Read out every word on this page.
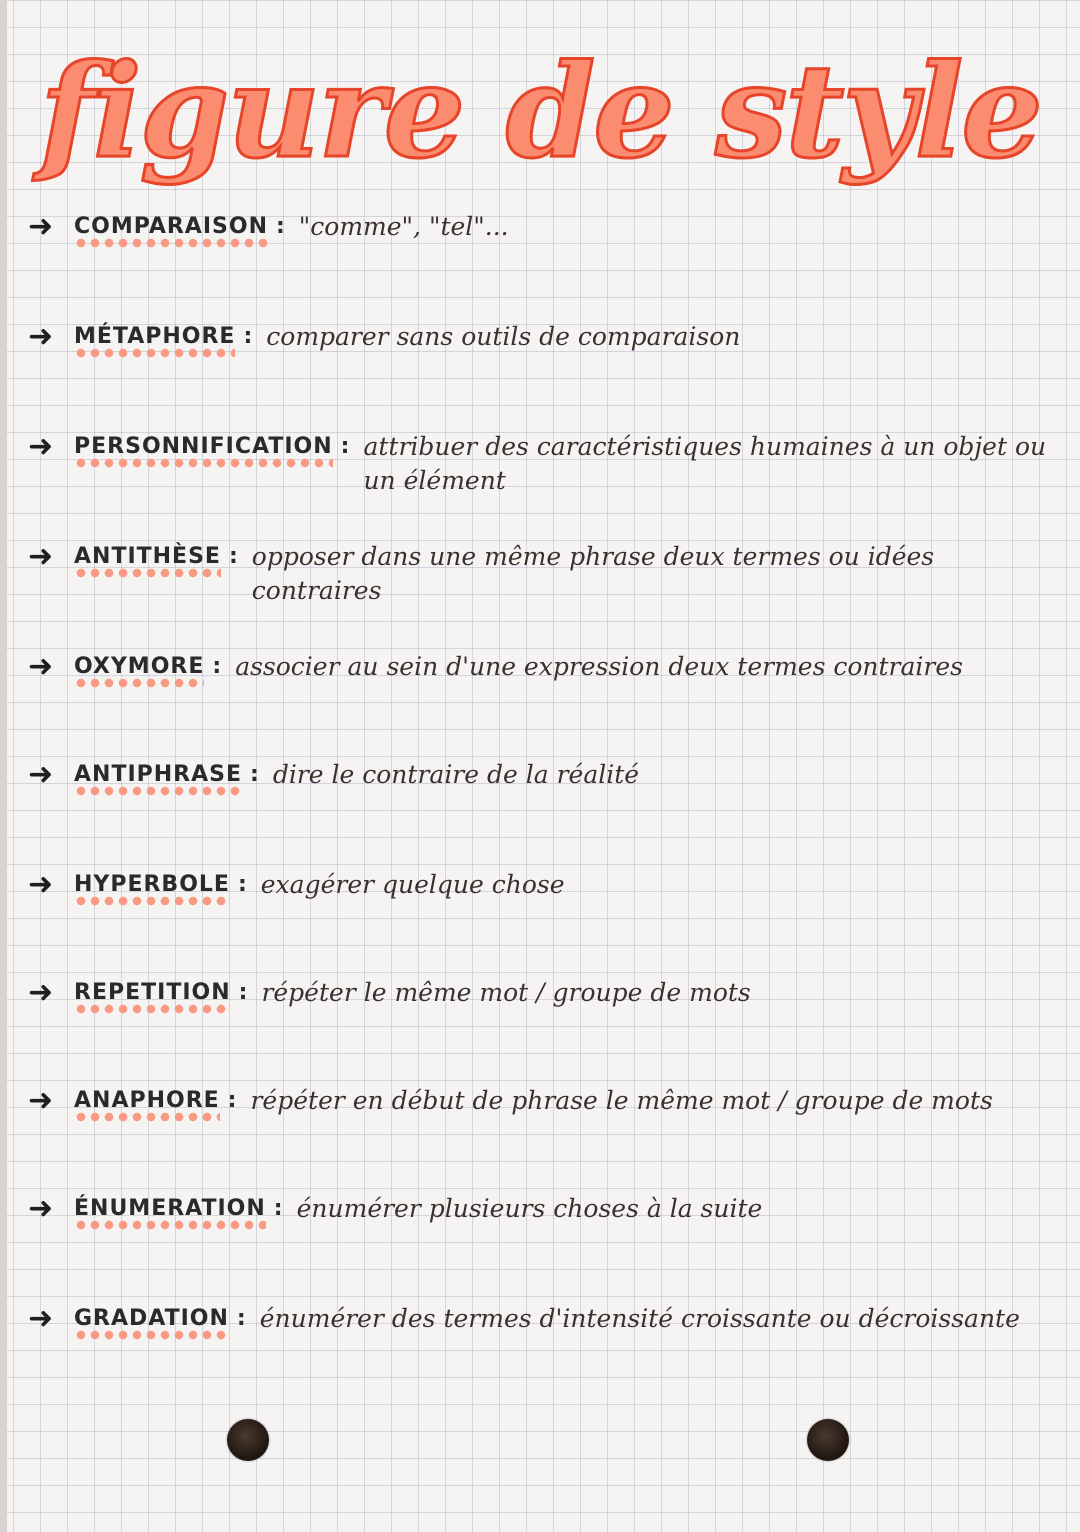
figure de style
➜ COMPARAISON : "comme", "tel"...
➜ MÉTAPHORE : comparer sans outils de comparaison
➜ PERSONNIFICATION : attribuer des caractéristiques humaines à un objet ou un élément
➜ ANTITHÈSE : opposer dans une même phrase deux termes ou idées contraires
➜ OXYMORE : associer au sein d'une expression deux termes contraires
➜ ANTIPHRASE : dire le contraire de la réalité
➜ HYPERBOLE : exagérer quelque chose
➜ REPETITION : répéter le même mot / groupe de mots
➜ ANAPHORE : répéter en début de phrase le même mot / groupe de mots
➜ ÉNUMERATION : énumérer plusieurs choses à la suite
➜ GRADATION : énumérer des termes d'intensité croissante ou décroissante
